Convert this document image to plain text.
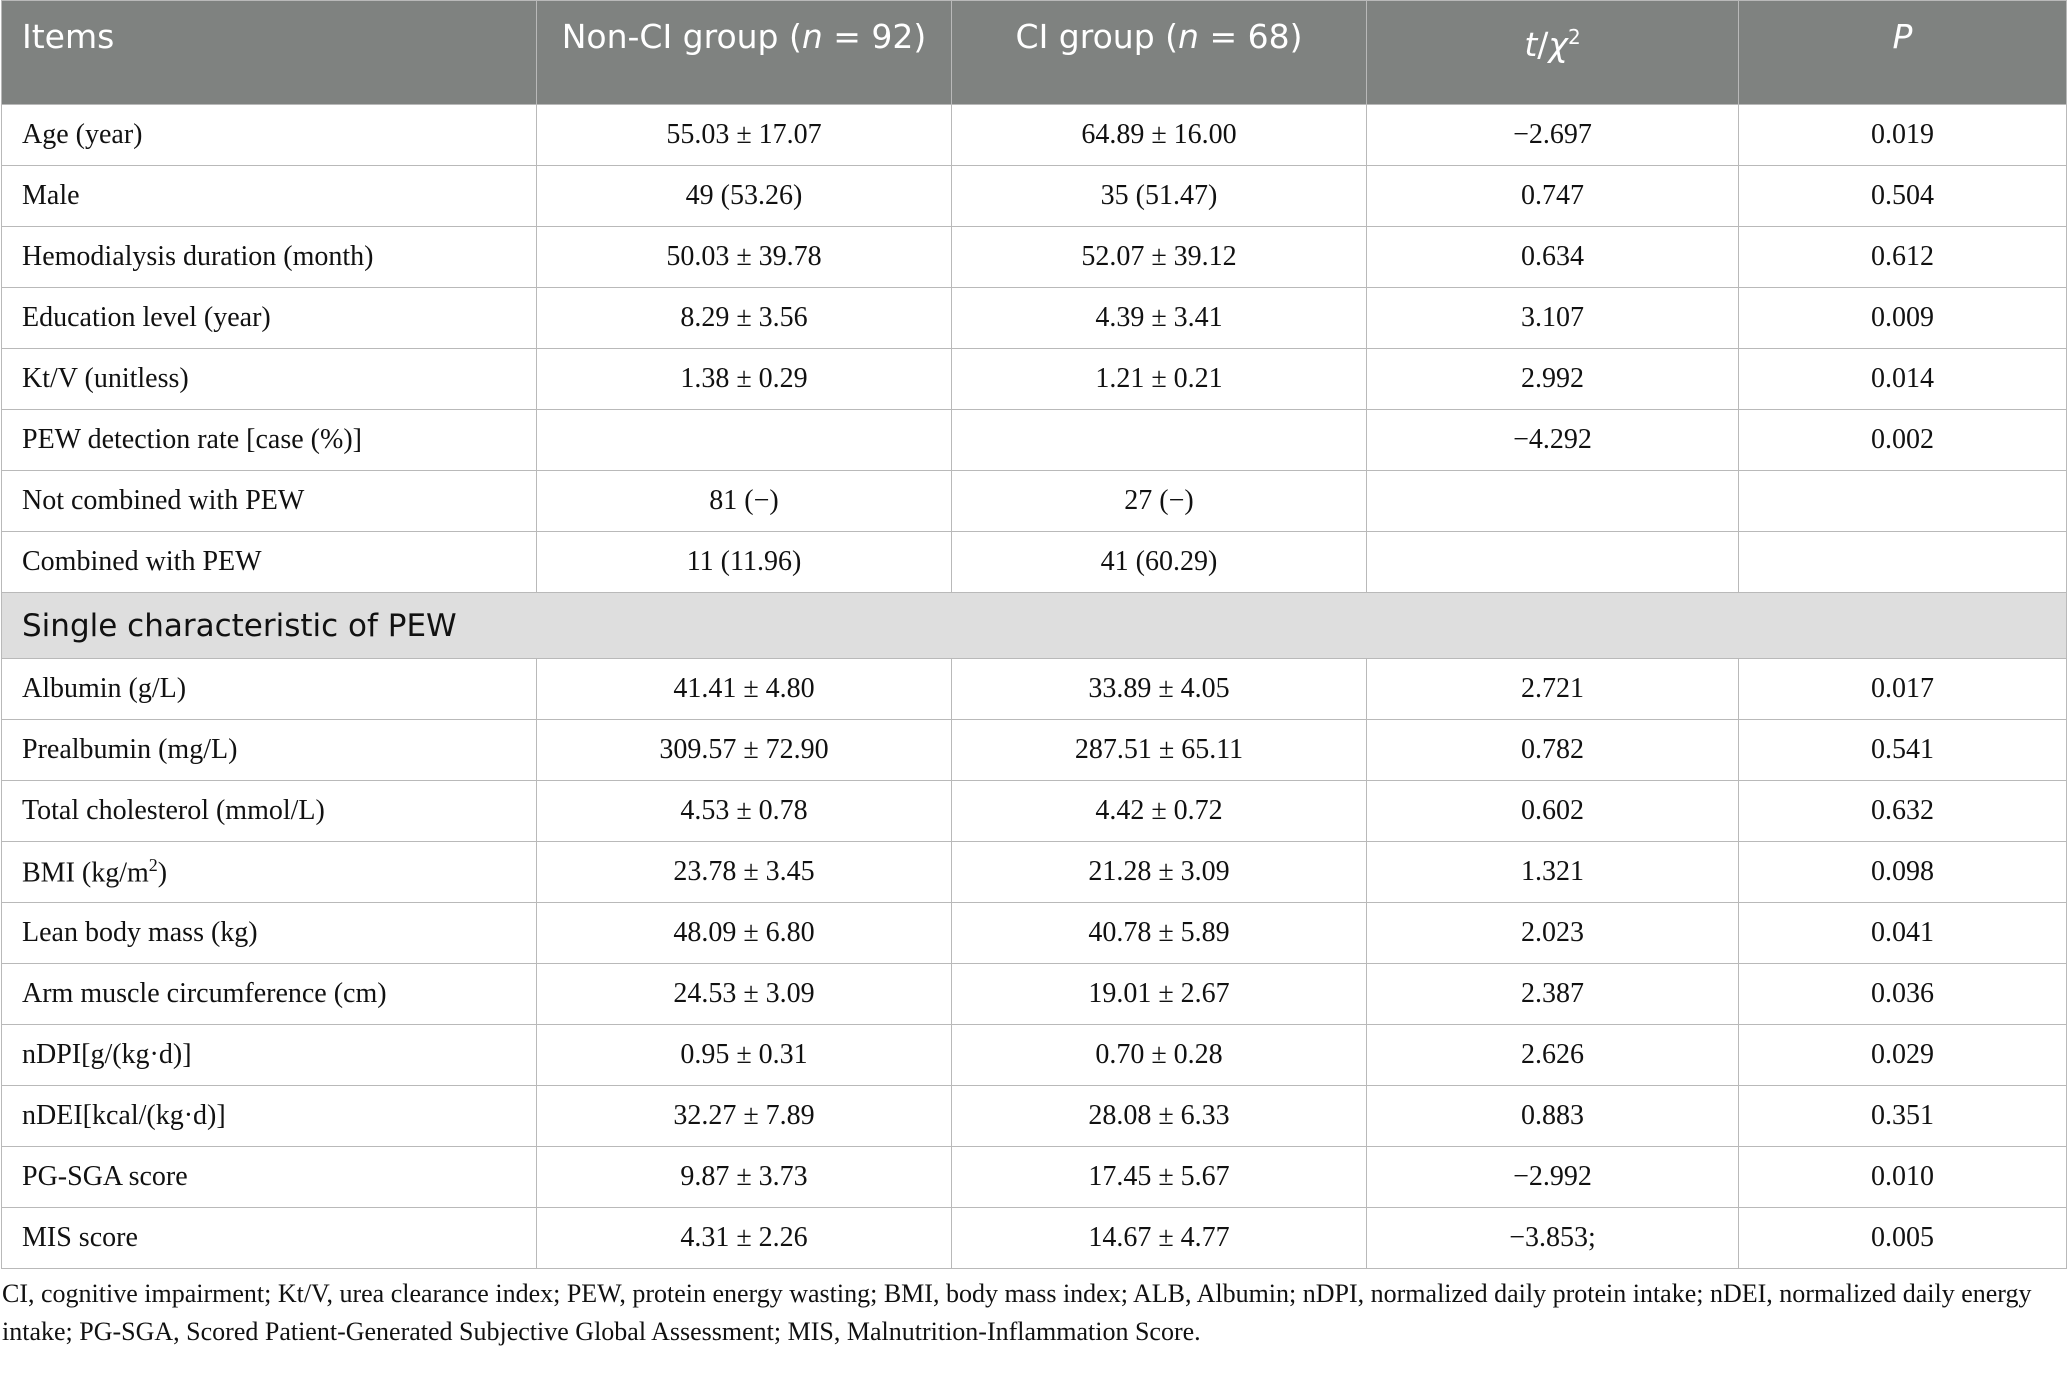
Items	Non-CI group (n = 92)	CI group (n = 68)	$t/\chi^2$	P
Age (year)	55.03 ± 17.07	64.89 ± 16.00	−2.697	0.019
Male	49 (53.26)	35 (51.47)	0.747	0.504
Hemodialysis duration (month)	50.03 ± 39.78	52.07 ± 39.12	0.634	0.612
Education level (year)	8.29 ± 3.56	4.39 ± 3.41	3.107	0.009
Kt/V (unitless)	1.38 ± 0.29	1.21 ± 0.21	2.992	0.014
PEW detection rate [case (%)]			−4.292	0.002
Not combined with PEW	81 (−)	27 (−)		
Combined with PEW	11 (11.96)	41 (60.29)		
Single characteristic of PEW				
Albumin (g/L)	41.41 ± 4.80	33.89 ± 4.05	2.721	0.017
Prealbumin (mg/L)	309.57 ± 72.90	287.51 ± 65.11	0.782	0.541
Total cholesterol (mmol/L)	4.53 ± 0.78	4.42 ± 0.72	0.602	0.632
BMI $(kg/m^2)$	23.78 ± 3.45	21.28 ± 3.09	1.321	0.098
Lean body mass (kg)	48.09 ± 6.80	40.78 ± 5.89	2.023	0.041
Arm muscle circumference (cm)	24.53 ± 3.09	19.01 ± 2.67	2.387	0.036
nDPI[g/(kg·d)]	0.95 ± 0.31	0.70 ± 0.28	2.626	0.029
nDEI[kcal/(kg·d)]	32.27 ± 7.89	28.08 ± 6.33	0.883	0.351
PG-SGA score	9.87 ± 3.73	17.45 ± 5.67	−2.992	0.010
MIS score	4.31 ± 2.26	14.67 ± 4.77	−3.853;	0.005
CI, cognitive impairment; Kt/V, urea clearance index; PEW, protein energy wasting; BMI, body mass index; ALB, Albumin; nDPI, normalized daily protein intake; nDEI, normalized daily energy intake; PG-SGA, Scored Patient-Generated Subjective Global Assessment; MIS, Malnutrition-Inflammation Score.
